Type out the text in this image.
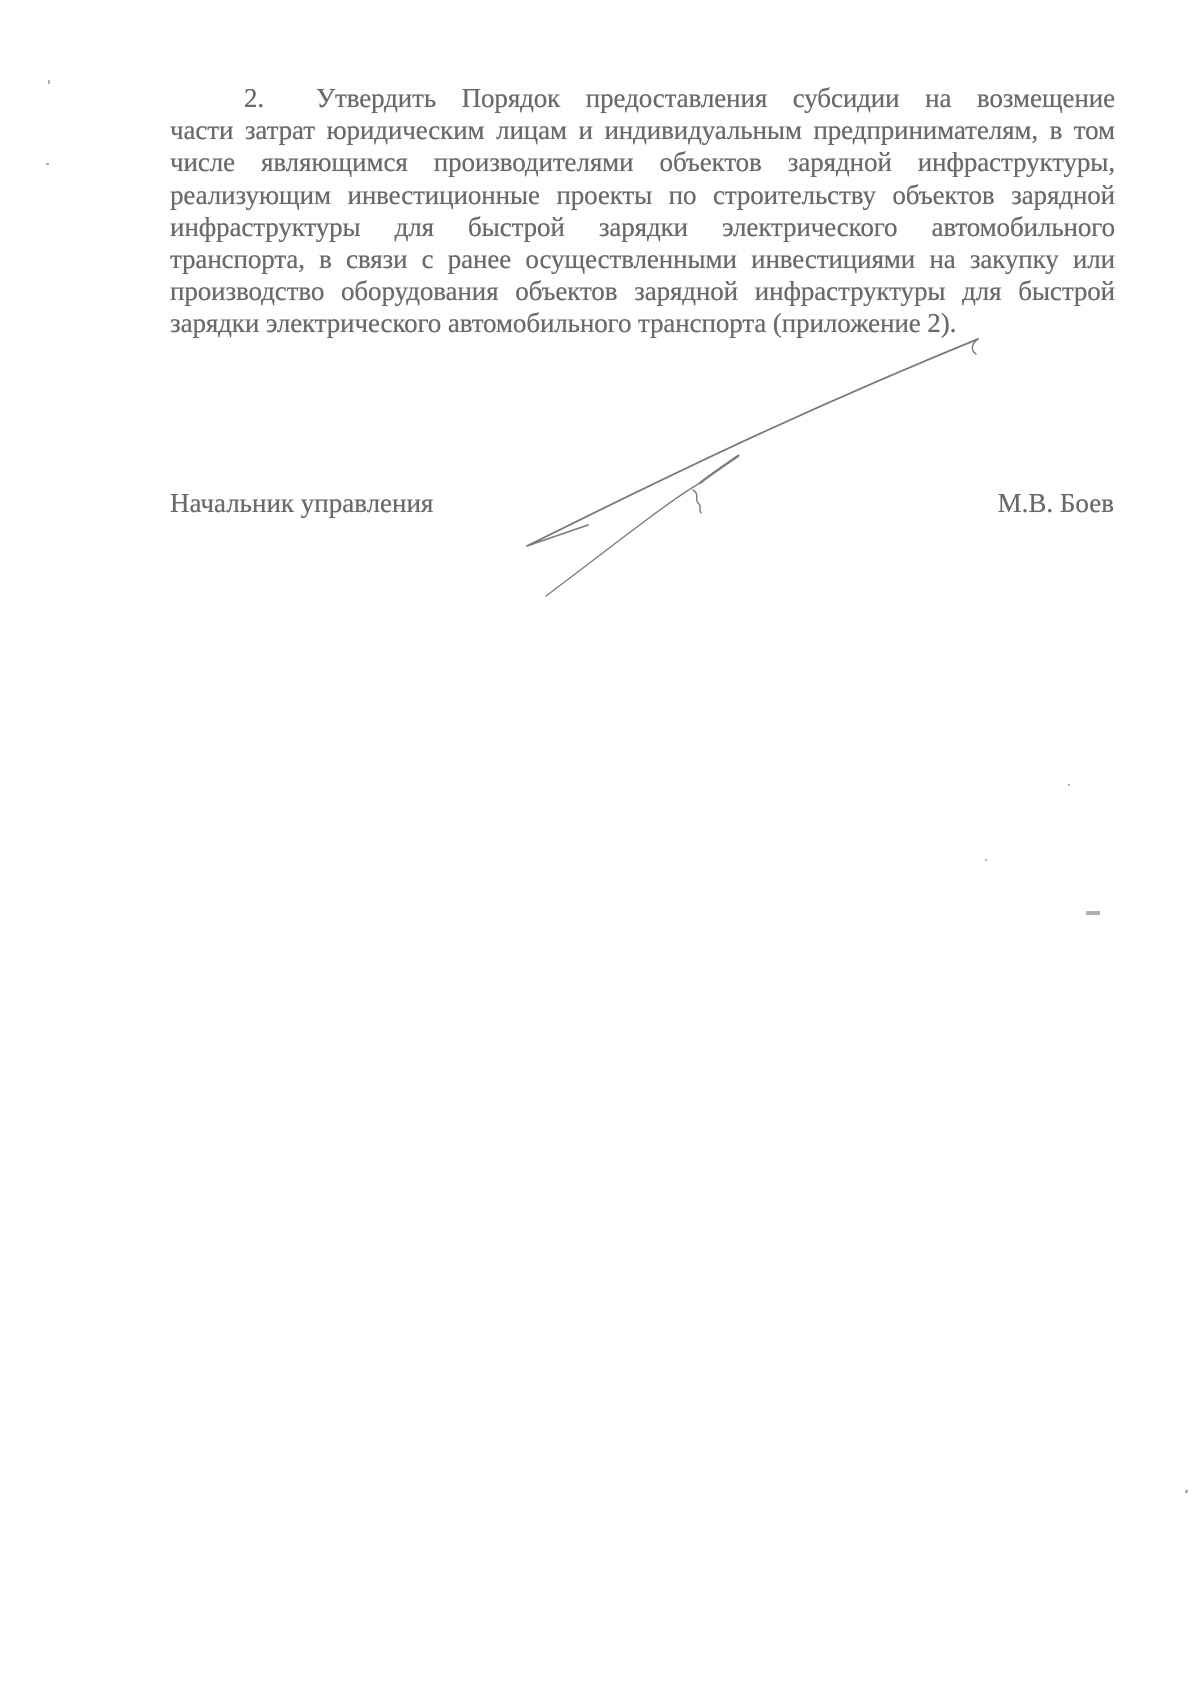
2. Утвердить Порядок предоставления субсидии на возмещение
части затрат юридическим лицам и индивидуальным предпринимателям, в том
числе являющимся производителями объектов зарядной инфраструктуры,
реализующим инвестиционные проекты по строительству объектов зарядной
инфраструктуры для быстрой зарядки электрического автомобильного
транспорта, в связи с ранее осуществленными инвестициями на закупку или
производство оборудования объектов зарядной инфраструктуры для быстрой
зарядки электрического автомобильного транспорта (приложение 2).
Начальник управления	М.В. Боев
